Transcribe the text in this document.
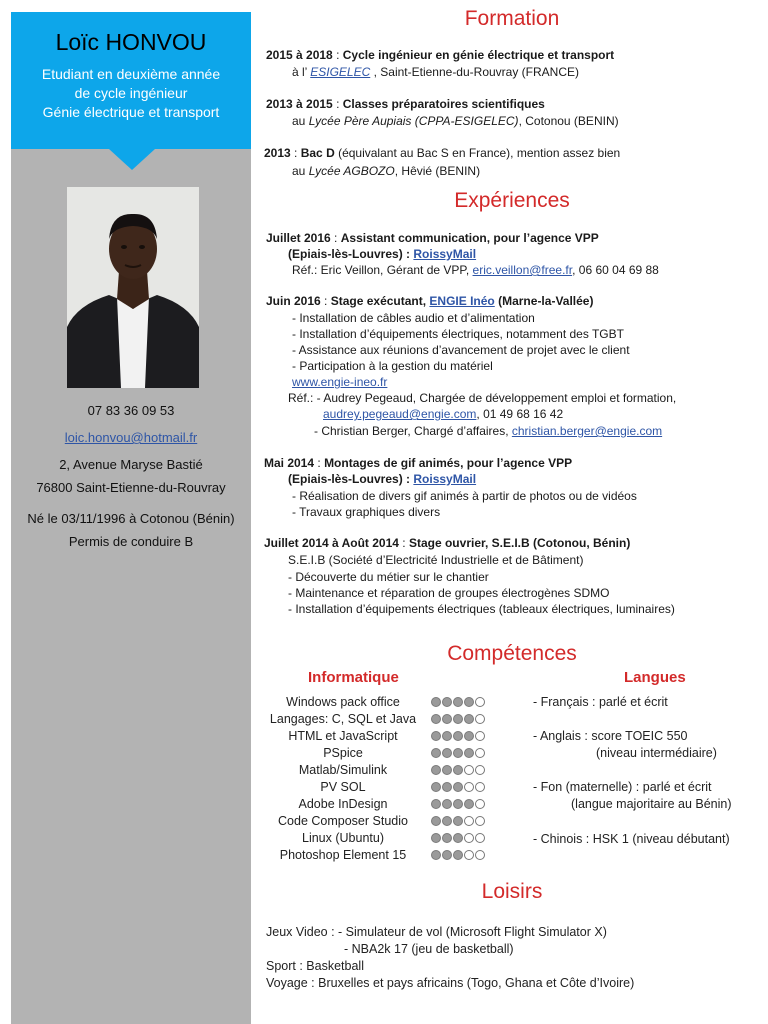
Loïc HONVOU
Etudiant en deuxième année
de cycle ingénieur
Génie électrique et transport
07 83 36 09 53
loic.honvou@hotmail.fr
2, Avenue Maryse Bastié
76800 Saint-Etienne-du-Rouvray
Né le 03/11/1996 à Cotonou (Bénin)
Permis de conduire B
Formation
2015 à 2018 : Cycle ingénieur en génie électrique et transport
à l’ ESIGELEC , Saint-Etienne-du-Rouvray (FRANCE)
2013 à 2015 : Classes préparatoires scientifiques
au Lycée Père Aupiais (CPPA-ESIGELEC), Cotonou (BENIN)
2013 : Bac D (équivalant au Bac S en France), mention assez bien
au Lycée AGBOZO, Hêvié (BENIN)
Expériences
Juillet 2016 : Assistant communication, pour l’agence VPP
(Epiais-lès-Louvres) : RoissyMail
Réf.: Eric Veillon, Gérant de VPP, eric.veillon@free.fr, 06 60 04 69 88
Juin 2016 : Stage exécutant, ENGIE Inéo (Marne-la-Vallée)
- Installation de câbles audio et d’alimentation
- Installation d’équipements électriques, notamment des TGBT
- Assistance aux réunions d’avancement de projet avec le client
- Participation à la gestion du matériel
www.engie-ineo.fr
Réf.: - Audrey Pegeaud, Chargée de développement emploi et formation,
audrey.pegeaud@engie.com, 01 49 68 16 42
- Christian Berger, Chargé d’affaires, christian.berger@engie.com
Mai 2014 : Montages de gif animés, pour l’agence VPP
(Epiais-lès-Louvres) : RoissyMail
- Réalisation de divers gif animés à partir de photos ou de vidéos
- Travaux graphiques divers
Juillet 2014 à Août 2014 : Stage ouvrier, S.E.I.B (Cotonou, Bénin)
S.E.I.B (Société d’Electricité Industrielle et de Bâtiment)
- Découverte du métier sur le chantier
- Maintenance et réparation de groupes électrogènes SDMO
- Installation d’équipements électriques (tableaux électriques, luminaires)
Compétences
Informatique	Langues
Loisirs
Windows pack office
Langages: C, SQL et Java
HTML et JavaScript
PSpice
Matlab/Simulink
PV SOL
Adobe InDesign
Code Composer Studio
Linux (Ubuntu)
Photoshop Element 15
- Français : parlé et écrit
- Anglais : score TOEIC 550
(niveau intermédiaire)
- Fon (maternelle) : parlé et écrit
(langue majoritaire au Bénin)
- Chinois : HSK 1 (niveau débutant)
Jeux Video : - Simulateur de vol (Microsoft Flight Simulator X)
- NBA2k 17 (jeu de basketball)
Sport : Basketball
Voyage : Bruxelles et pays africains (Togo, Ghana et Côte d’Ivoire)
